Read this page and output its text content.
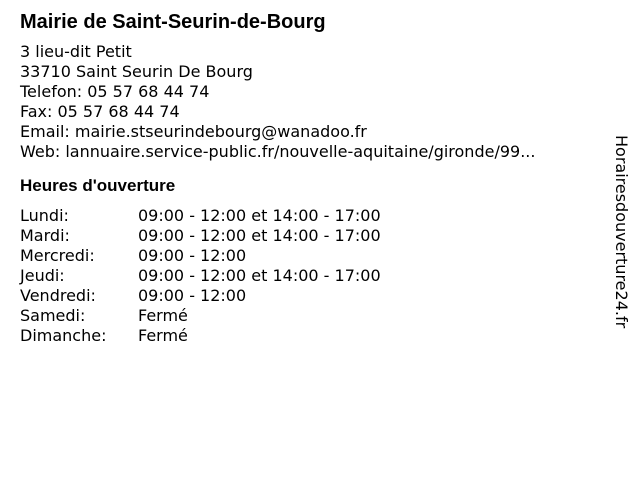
Mairie de Saint-Seurin-de-Bourg
3 lieu-dit Petit
33710 Saint Seurin De Bourg
Telefon: 05 57 68 44 74
Fax: 05 57 68 44 74
Email: mairie.stseurindebourg@wanadoo.fr
Web: lannuaire.service-public.fr/nouvelle-aquitaine/gironde/99...
Heures d'ouverture
Lundi:	09:00 - 12:00 et 14:00 - 17:00
Mardi:	09:00 - 12:00 et 14:00 - 17:00
Mercredi:	09:00 - 12:00
Jeudi:	09:00 - 12:00 et 14:00 - 17:00
Vendredi:	09:00 - 12:00
Samedi:	Fermé
Dimanche:	Fermé
Horairesdouverture24.fr
